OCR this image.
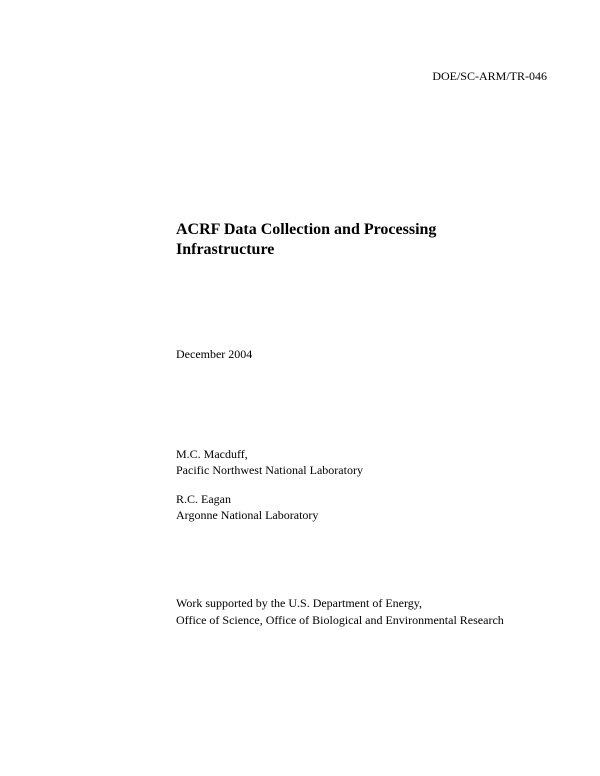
DOE/SC-ARM/TR-046
ACRF Data Collection and Processing
Infrastructure
December 2004
M.C. Macduff,
Pacific Northwest National Laboratory
R.C. Eagan
Argonne National Laboratory
Work supported by the U.S. Department of Energy,
Office of Science, Office of Biological and Environmental Research
